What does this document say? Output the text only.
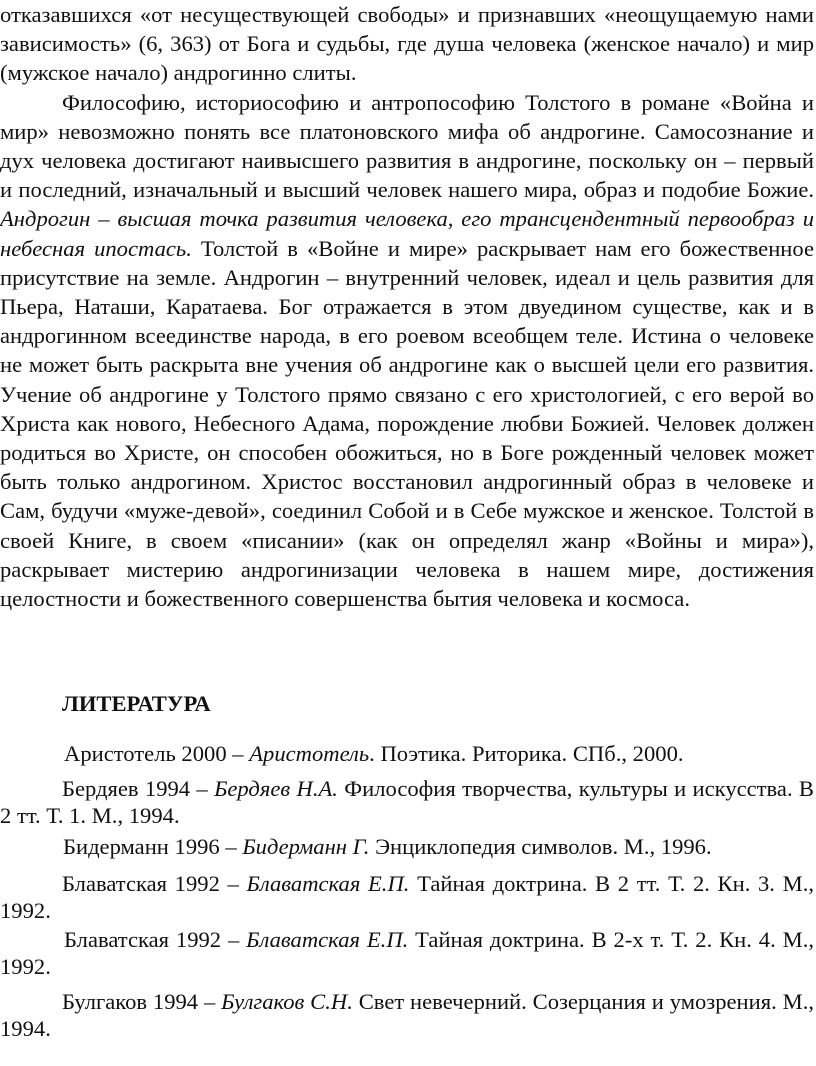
отказавшихся «от несуществующей свободы» и признавших «неощущаемую нами зависимость» (6, 363) от Бога и судьбы, где душа человека (женское начало) и мир (мужское начало) андрогинно слиты.

Философию, историософию и антропософию Толстого в романе «Война и мир» невозможно понять все платоновского мифа об андрогине. Самосознание и дух человека достигают наивысшего развития в андрогине, поскольку он – первый и последний, изначальный и высший человек нашего мира, образ и подобие Божие. Андрогин – высшая точка развития человека, его трансцендентный первообраз и небесная ипостась. Толстой в «Войне и мире» раскрывает нам его божественное присутствие на земле. Андрогин – внутренний человек, идеал и цель развития для Пьера, Наташи, Каратаева. Бог отражается в этом двуедином существе, как и в андрогинном всеединстве народа, в его роевом всеобщем теле. Истина о человеке не может быть раскрыта вне учения об андрогине как о высшей цели его развития. Учение об андрогине у Толстого прямо связано с его христологией, с его верой во Христа как нового, Небесного Адама, порождение любви Божией. Человек должен родиться во Христе, он способен обожиться, но в Боге рожденный человек может быть только андрогином. Христос восстановил андрогинный образ в человеке и Сам, будучи «муже-девой», соединил Собой и в Себе мужское и женское. Толстой в своей Книге, в своем «писании» (как он определял жанр «Войны и мира»), раскрывает мистерию андрогинизации человека в нашем мире, достижения целостности и божественного совершенства бытия человека и космоса.

ЛИТЕРАТУРА

Аристотель 2000 – Аристотель. Поэтика. Риторика. СПб., 2000.

Бердяев 1994 – Бердяев Н.А. Философия творчества, культуры и искусства. В 2 тт. Т. 1. М., 1994.

Бидерманн 1996 – Бидерманн Г. Энциклопедия символов. М., 1996.

Блаватская 1992 – Блаватская Е.П. Тайная доктрина. В 2 тт. Т. 2. Кн. 3. М., 1992.

Блаватская 1992 – Блаватская Е.П. Тайная доктрина. В 2-х т. Т. 2. Кн. 4. М., 1992.

Булгаков 1994 – Булгаков С.Н. Свет невечерний. Созерцания и умозрения. М., 1994.
